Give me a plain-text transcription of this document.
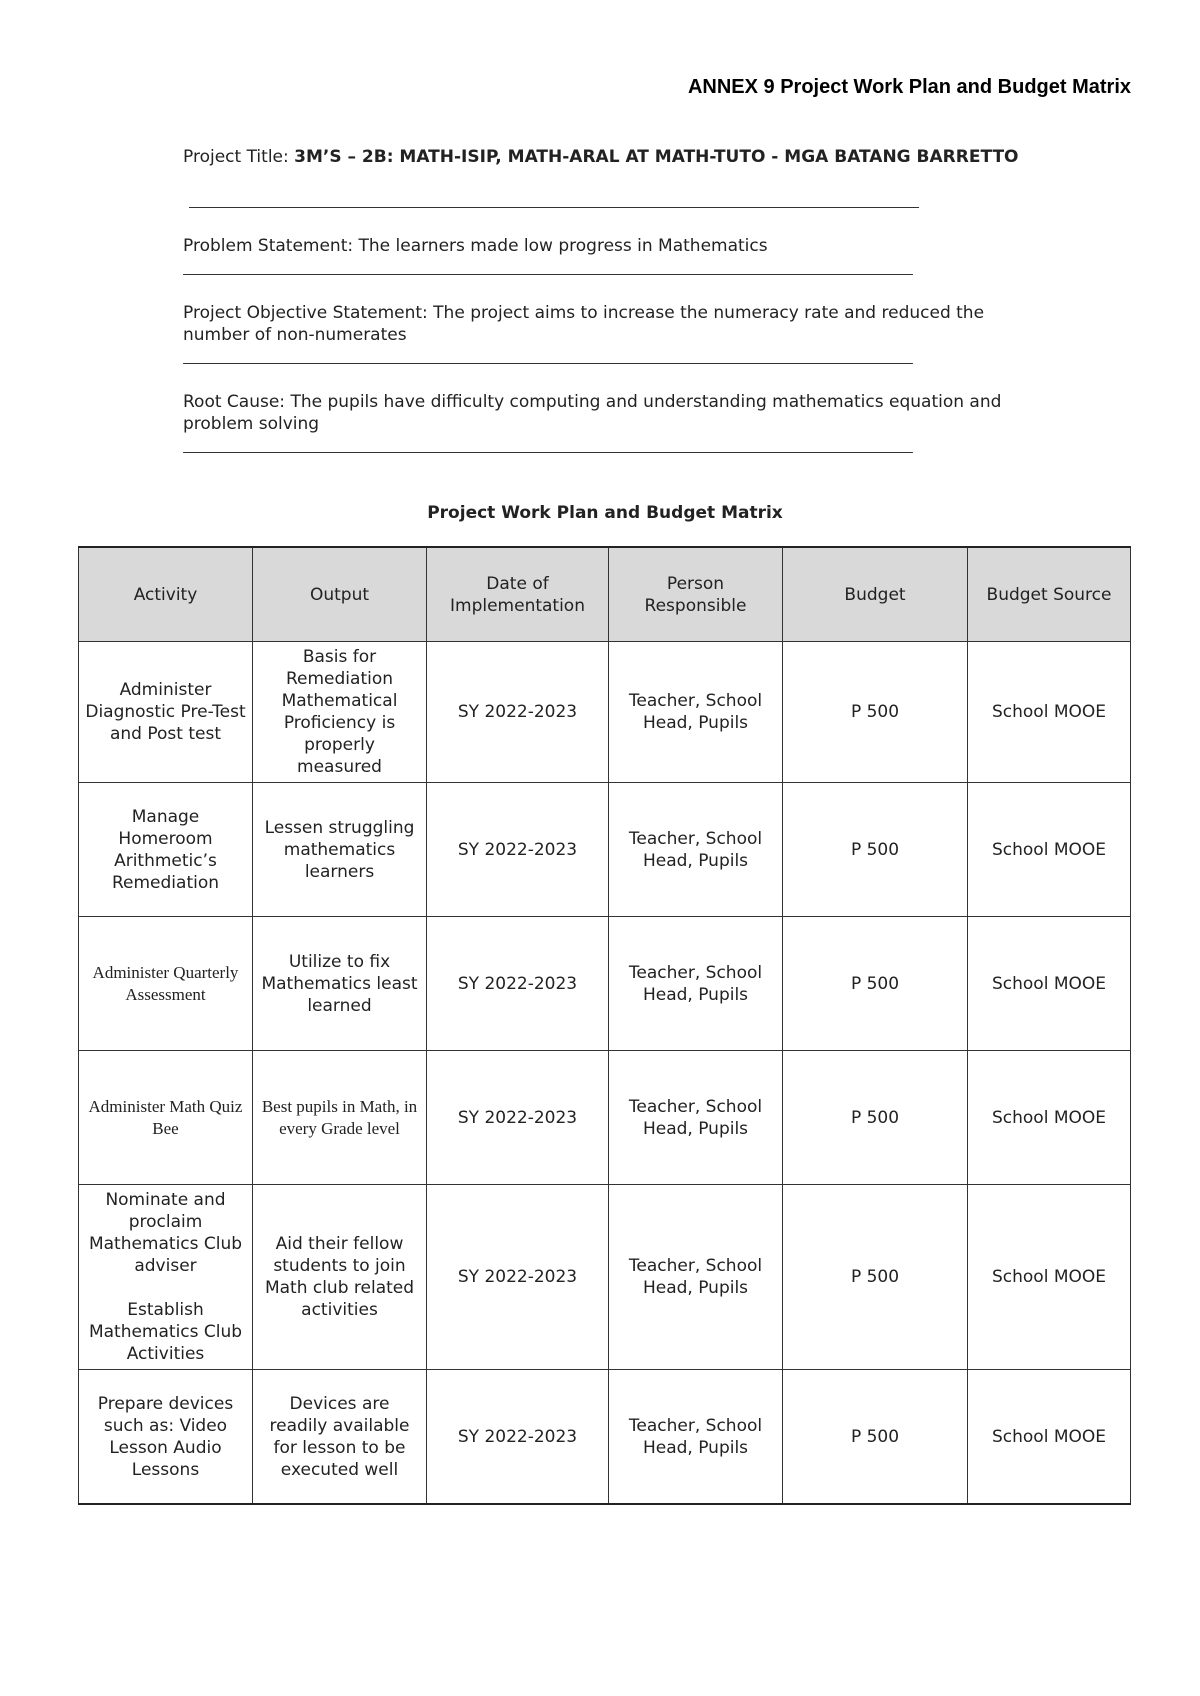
ANNEX 9 Project Work Plan and Budget Matrix
Project Title: 3M’S – 2B: MATH-ISIP, MATH-ARAL AT MATH-TUTO - MGA BATANG BARRETTO
Problem Statement: The learners made low progress in Mathematics
Project Objective Statement: The project aims to increase the numeracy rate and reduced the number of non-numerates
Root Cause: The pupils have difficulty computing and understanding mathematics equation and problem solving
Project Work Plan and Budget Matrix
Activity	Output	Date of Implementation	Person Responsible	Budget	Budget Source
Administer Diagnostic Pre-Test and Post test	Basis for Remediation Mathematical Proficiency is properly measured	SY 2022-2023	Teacher, School Head, Pupils	P 500	School MOOE
Manage Homeroom Arithmetic’s Remediation	Lessen struggling mathematics learners	SY 2022-2023	Teacher, School Head, Pupils	P 500	School MOOE
Administer Quarterly Assessment	Utilize to fix Mathematics least learned	SY 2022-2023	Teacher, School Head, Pupils	P 500	School MOOE
Administer Math Quiz Bee	Best pupils in Math, in every Grade level	SY 2022-2023	Teacher, School Head, Pupils	P 500	School MOOE
Nominate and proclaim Mathematics Club adviser
Establish Mathematics Club Activities	Aid their fellow students to join Math club related activities	SY 2022-2023	Teacher, School Head, Pupils	P 500	School MOOE
Prepare devices such as: Video Lesson Audio Lessons	Devices are readily available for lesson to be executed well	SY 2022-2023	Teacher, School Head, Pupils	P 500	School MOOE
